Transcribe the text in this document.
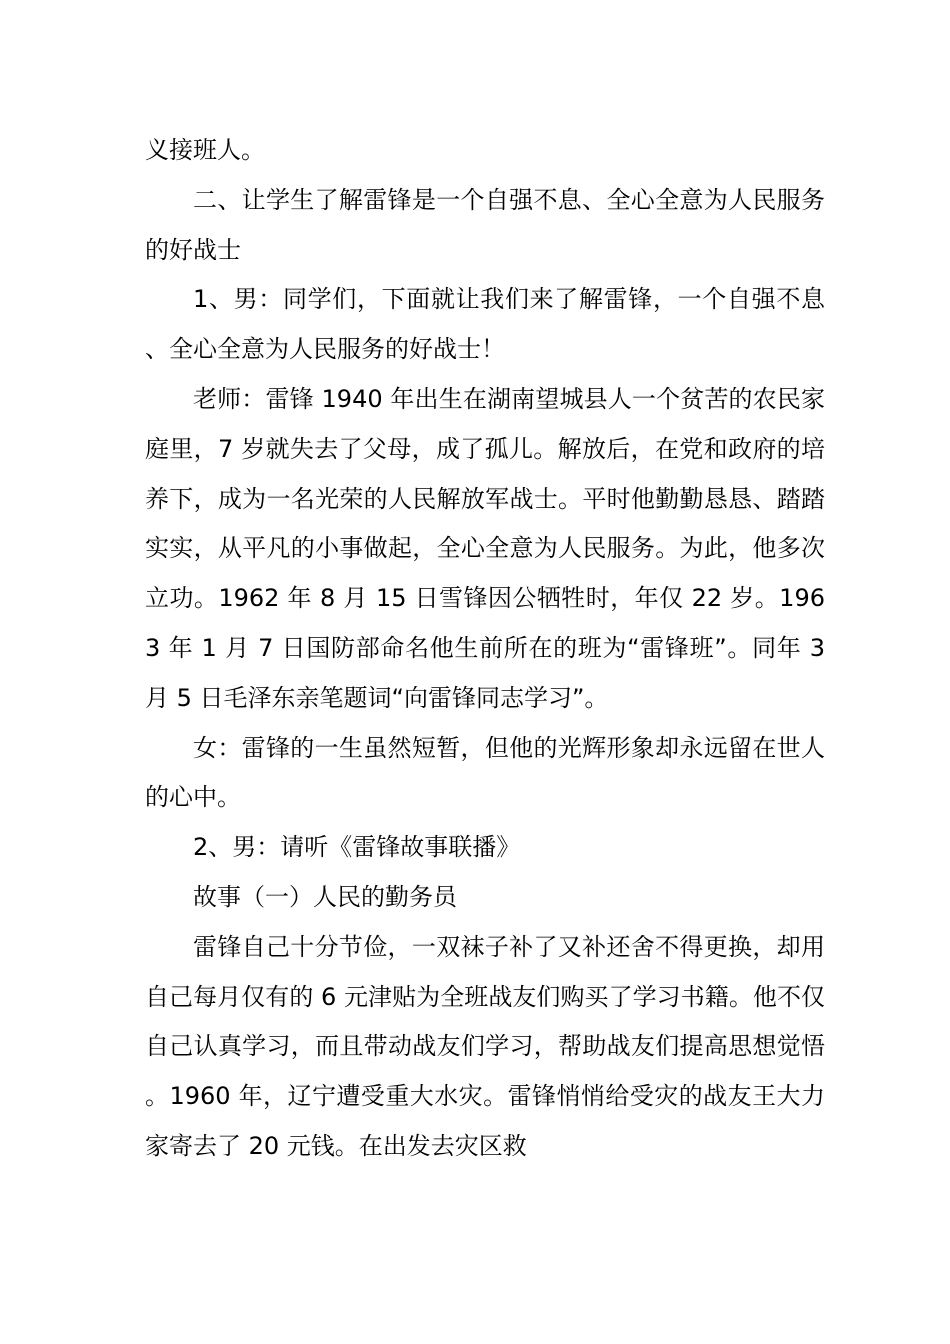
义接班人。

二、让学生了解雷锋是一个自强不息、全心全意为人民服务的好战士

1、男：同学们，下面就让我们来了解雷锋，一个自强不息、全心全意为人民服务的好战士！

老师：雷锋 1940 年出生在湖南望城县人一个贫苦的农民家庭里，7 岁就失去了父母，成了孤儿。解放后，在党和政府的培养下，成为一名光荣的人民解放军战士。平时他勤勤恳恳、踏踏实实，从平凡的小事做起，全心全意为人民服务。为此，他多次立功。1962 年 8 月 15 日雪锋因公牺牲时，年仅 22 岁。1963 年 1 月 7 日国防部命名他生前所在的班为“雷锋班”。同年 3 月 5 日毛泽东亲笔题词“向雷锋同志学习”。

女：雷锋的一生虽然短暂，但他的光辉形象却永远留在世人的心中。

2、男：请听《雷锋故事联播》

故事（一）人民的勤务员

雷锋自己十分节俭，一双袜子补了又补还舍不得更换，却用自己每月仅有的 6 元津贴为全班战友们购买了学习书籍。他不仅自己认真学习，而且带动战友们学习，帮助战友们提高思想觉悟。1960 年，辽宁遭受重大水灾。雷锋悄悄给受灾的战友王大力家寄去了 20 元钱。在出发去灾区救
